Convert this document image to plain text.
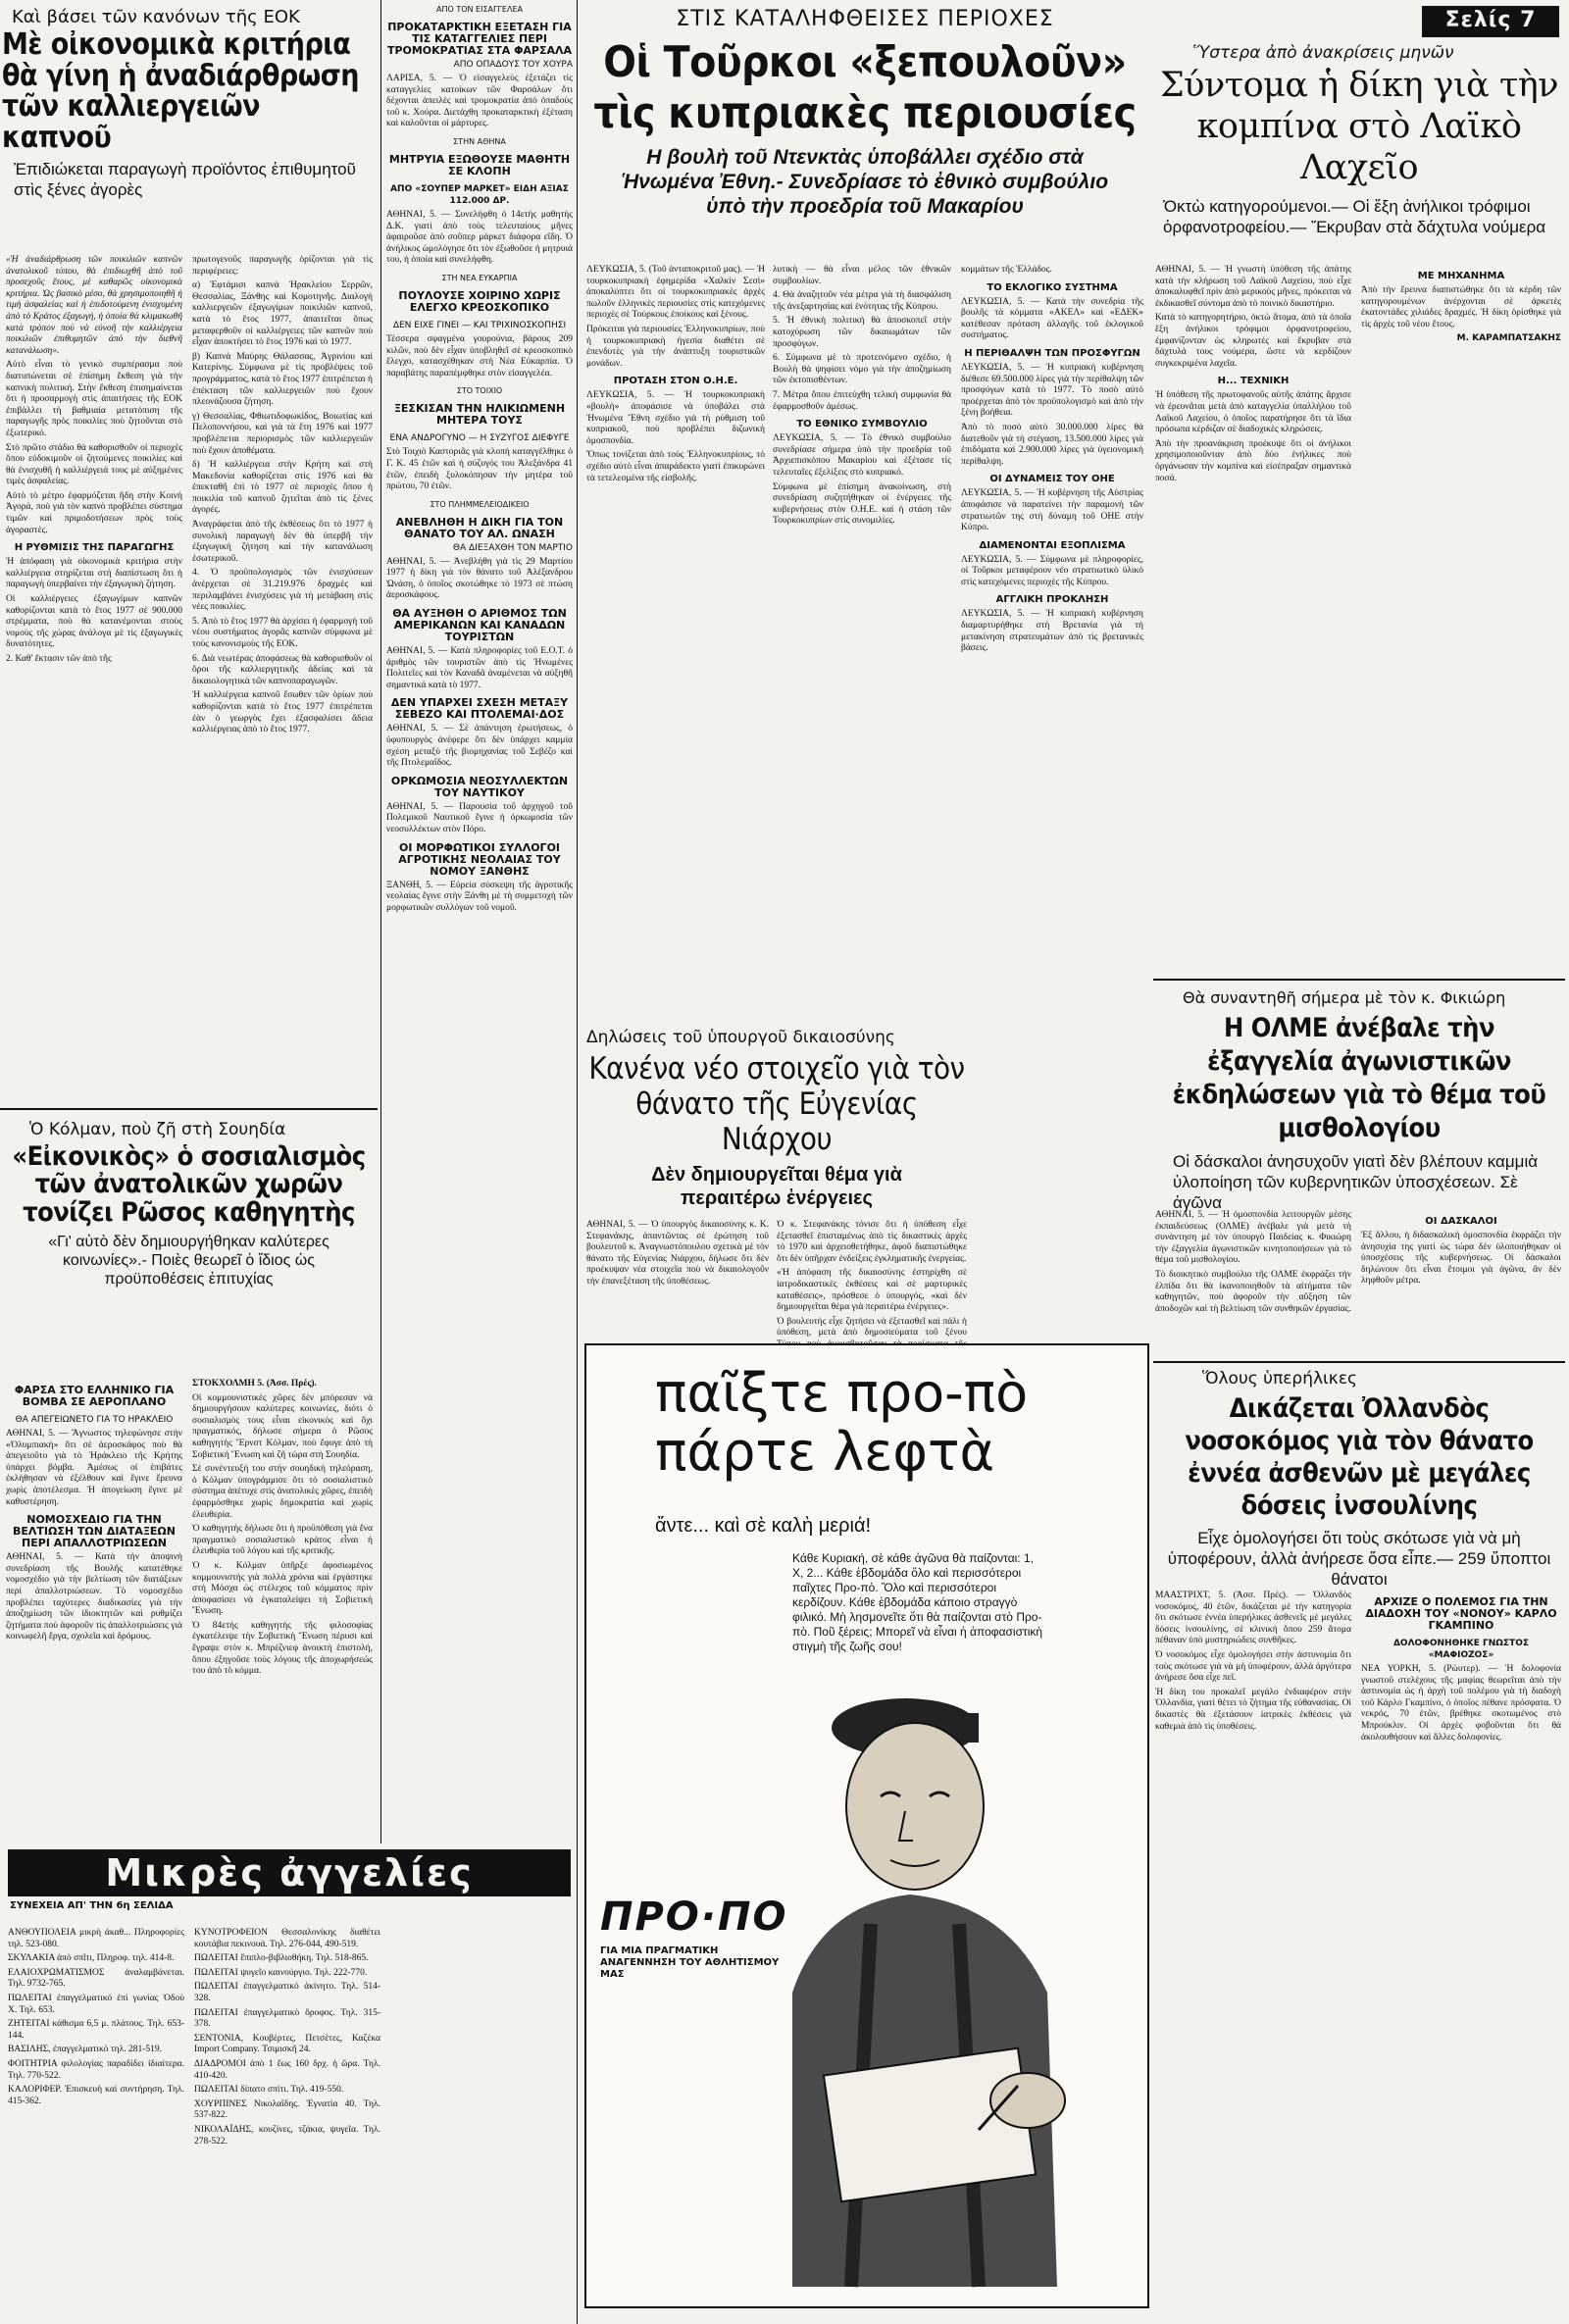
Καὶ βάσει τῶν κανόνων τῆς ΕΟΚ

Μὲ οἰκονομικὰ κριτήρια θὰ γίνη ἡ ἀναδιάρθρωση τῶν καλλιεργειῶν καπνοῦ

Ἐπιδιώκεται παραγωγὴ προϊόντος ἐπιθυμητοῦ στὶς ξένες ἀγορὲς

«Ἡ ἀναδιάρθρωση τῶν ποικιλιῶν καπνῶν ἀνατολικοῦ τύπου, θὰ ἐπιδιωχθῆ ἀπὸ τοῦ προσεχοῦς ἔτους, μὲ καθαρῶς οἰκονομικὰ κριτήρια. Ὡς βασικὸ μέσο, θὰ χρησιμοποιηθῆ ἡ τιμὴ ἀσφαλείας καὶ ἡ ἐπιδοτούμενη ἐνισχυμένη ἀπὸ τὸ Κράτος ἐξαγωγή, ἡ ὁποία θὰ κλιμακωθῆ κατὰ τρόπον ποὺ νὰ εὐνοῆ τὴν καλλιέργεια ποικιλιῶν ἐπιθυμητῶν ἀπὸ τὴν διεθνῆ κατανάλωση».

Αὐτὸ εἶναι τὸ γενικὸ συμπέρασμα ποὺ διατυπώνεται σὲ ἐπίσημη ἔκθεση γιὰ τὴν καπνικὴ πολιτική. Στὴν ἔκθεση ἐπισημαίνεται ὅτι ἡ προσαρμογὴ στὶς ἀπαιτήσεις τῆς ΕΟΚ ἐπιβάλλει τὴ βαθμιαία μετατόπιση τῆς παραγωγῆς πρὸς ποικιλίες ποὺ ζητοῦνται στὸ ἐξωτερικό.

Στὸ πρῶτο στάδιο θὰ καθορισθοῦν οἱ περιοχὲς ὅπου εὐδοκιμοῦν οἱ ζητούμενες ποικιλίες καὶ θὰ ἐνισχυθῆ ἡ καλλιέργειά τους μὲ αὐξημένες τιμὲς ἀσφαλείας.

Αὐτὸ τὸ μέτρο ἐφαρμόζεται ἤδη στὴν Κοινὴ Ἀγορά, ποὺ γιὰ τὸν καπνὸ προβλέπει σύστημα τιμῶν καὶ πριμοδοτήσεων πρὸς τοὺς ἀγοραστὲς.

Η ΡΥΘΜΙΣΙΣ ΤΗΣ ΠΑΡΑΓΩΓΗΣ

Ἡ ἀπόφαση γιὰ οἰκονομικὰ κριτήρια στὴν καλλιέργεια στηρίζεται στὴ διαπίστωση ὅτι ἡ παραγωγὴ ὑπερβαίνει τὴν ἐξαγωγικὴ ζήτηση.

Οἱ καλλιέργειες ἐξαγωγίμων καπνῶν καθορίζονται κατὰ τὸ ἔτος 1977 σὲ 900.000 στρέμματα, ποὺ θὰ κατανέμονται στοὺς νομοὺς τῆς χώρας ἀνάλογα μὲ τὶς ἐξαγωγικὲς δυνατότητες.

2. Καθ' ἔκτασιν τῶν ἀπὸ τῆς

πρωτογενοῦς παραγωγῆς ὁρίζονται γιὰ τὶς περιφέρειες:

α) Ἑφτάμισι καπνὰ Ἡρακλείου Σερρῶν, Θεσσαλίας, Ξάνθης καὶ Κομοτηνῆς. Διαλογὴ καλλιεργειῶν ἐξαγωγίμων ποικιλιῶν καπνοῦ, κατὰ τὸ ἔτος 1977, ἀπαιτεῖται ὅπως μεταφερθοῦν οἱ καλλιέργειες τῶν καπνῶν ποὺ εἶχαν ἀποκτήσει τὸ ἔτος 1976 καὶ τὸ 1977.

β) Καπνὰ Μαύρης Θάλασσας, Ἀγρινίου καὶ Κατερίνης. Σύμφωνα μὲ τὶς προβλέψεις τοῦ προγράμματος, κατὰ τὸ ἔτος 1977 ἐπιτρέπεται ἡ ἐπέκταση τῶν καλλιεργειῶν ποὺ ἔχουν πλεονάζουσα ζήτηση.

γ) Θεσσαλίας, Φθιωτιδοφωκίδος, Βοιωτίας καὶ Πελοποννήσου, καὶ γιὰ τὰ ἔτη 1976 καὶ 1977 προβλέπεται περιορισμὸς τῶν καλλιεργειῶν ποὺ ἔχουν ἀποθέματα.

δ) Ἡ καλλιέργεια στὴν Κρήτη καὶ στὴ Μακεδονία καθορίζεται στὶς 1976 καὶ θὰ ἐπεκταθῆ ἐπὶ τὸ 1977 σὲ περιοχὲς ὅπου ἡ ποικιλία τοῦ καπνοῦ ζητεῖται ἀπὸ τὶς ξένες ἀγορές.

Ἀναγράφεται ἀπὸ τῆς ἐκθέσεως ὅτι τὸ 1977 ἡ συνολικὴ παραγωγὴ δὲν θὰ ὑπερβῆ τὴν ἐξαγωγικὴ ζήτηση καὶ τὴν κατανάλωση ἐσωτερικοῦ.

4. Ὁ προϋπολογισμὸς τῶν ἐνισχύσεων ἀνέρχεται σὲ 31.219.976 δραχμὲς καὶ περιλαμβάνει ἐνισχύσεις γιὰ τὴ μετάβαση στὶς νέες ποικιλίες.

5. Ἀπὸ τὸ ἔτος 1977 θὰ ἀρχίσει ἡ ἐφαρμογὴ τοῦ νέου συστήματος ἀγορᾶς καπνῶν σύμφωνα μὲ τοὺς κανονισμοὺς τῆς ΕΟΚ.

6. Διὰ νεωτέρας ἀποφάσεως θὰ καθορισθοῦν οἱ ὅροι τῆς καλλιεργητικῆς ἀδείας καὶ τὰ δικαιολογητικὰ τῶν καπνοπαραγωγῶν.

Ἡ καλλιέργεια καπνοῦ ἔσωθεν τῶν ὁρίων ποὺ καθορίζονται κατὰ τὸ ἔτος 1977 ἐπιτρέπεται ἐὰν ὁ γεωργὸς ἔχει ἐξασφαλίσει ἄδεια καλλιέργειας ἀπὸ τὸ ἔτος 1977.

Ὁ Κόλμαν, ποὺ ζῆ στὴ Σουηδία

«Εἰκονικὸς» ὁ σοσιαλισμὸς τῶν ἀνατολικῶν χωρῶν τονίζει Ρῶσος καθηγητὴς

«Γι' αὐτὸ δὲν δημιουργήθηκαν καλύτερες κοινωνίες».- Ποιὲς θεωρεῖ ὁ ἴδιος ὡς προϋποθέσεις ἐπιτυχίας

ΦΑΡΣΑ ΣΤΟ ΕΛΛΗΝΙΚΟ ΓΙΑ ΒΟΜΒΑ ΣΕ ΑΕΡΟΠΛΑΝΟ

ΘΑ ΑΠΕΓΕΙΩΝΕΤΟ ΓΙΑ ΤΟ ΗΡΑΚΛΕΙΟ

ΑΘΗΝΑΙ, 5. — Ἄγνωστος τηλεφώνησε στὴν «Ὀλυμπιακὴ» ὅτι σὲ ἀεροσκάφος ποὺ θὰ ἀπεγειοῦτο γιὰ τὸ Ἡράκλειο τῆς Κρήτης ὑπάρχει βόμβα. Ἀμέσως οἱ ἐπιβάτες ἐκλήθησαν νὰ ἐξέλθουν καὶ ἔγινε ἔρευνα χωρὶς ἀποτέλεσμα. Ἡ ἀπογείωση ἔγινε μὲ καθυστέρηση.

ΝΟΜΟΣΧΕΔΙΟ ΓΙΑ ΤΗΝ ΒΕΛΤΙΩΣΗ ΤΩΝ ΔΙΑΤΑΞΕΩΝ ΠΕΡΙ ΑΠΑΛΛΟΤΡΙΩΣΕΩΝ

ΑΘΗΝΑΙ, 5. — Κατὰ τὴν ἀποψινὴ συνεδρίαση τῆς Βουλῆς κατατέθηκε νομοσχέδιο γιὰ τὴν βελτίωση τῶν διατάξεων περὶ ἀπαλλοτριώσεων. Τὸ νομοσχέδιο προβλέπει ταχύτερες διαδικασίες γιὰ τὴν ἀποζημίωση τῶν ἰδιοκτητῶν καὶ ρυθμίζει ζητήματα ποὺ ἀφοροῦν τὶς ἀπαλλοτριώσεις γιὰ κοινωφελῆ ἔργα, σχολεῖα καὶ δρόμους.

ΣΤΟΚΧΟΛΜΗ 5. (Ἀσσ. Πρές).

Οἱ κομμουνιστικὲς χῶρες δὲν μπόρεσαν νὰ δημιουργήσουν καλύτερες κοινωνίες, διότι ὁ σοσιαλισμὸς τους εἶναι εἰκονικὸς καὶ ὄχι πραγματικός, δήλωσε σήμερα ὁ Ρῶσος καθηγητὴς Ἔρνστ Κόλμαν, ποὺ ἔφυγε ἀπὸ τὴ Σοβιετικὴ Ἕνωση καὶ ζῆ τώρα στὴ Σουηδία.

Σὲ συνέντευξή του στὴν σουηδικὴ τηλεόραση, ὁ Κόλμαν ὑπογράμμισε ὅτι τὸ σοσιαλιστικὸ σύστημα ἀπέτυχε στὶς ἀνατολικὲς χῶρες, ἐπειδὴ ἐφαρμόσθηκε χωρὶς δημοκρατία καὶ χωρὶς ἐλευθερία.

Ὁ καθηγητὴς δήλωσε ὅτι ἡ προϋπόθεση γιὰ ἕνα πραγματικὸ σοσιαλιστικὸ κράτος εἶναι ἡ ἐλευθερία τοῦ λόγου καὶ τῆς κριτικῆς.

Ὁ κ. Κόλμαν ὑπῆρξε ἀφοσιωμένος κομμουνιστὴς γιὰ πολλὰ χρόνια καὶ ἐργάστηκε στὴ Μόσχα ὡς στέλεχος τοῦ κόμματος πρὶν ἀποφασίσει νὰ ἐγκαταλείψει τὴ Σοβιετικὴ Ἕνωση.

Ὁ 84ετὴς καθηγητὴς τῆς φιλοσοφίας ἐγκατέλειψε τὴν Σοβιετικὴ Ἕνωση πέρυσι καὶ ἔγραψε στὸν κ. Μπρέζνιεφ ἀνοικτὴ ἐπιστολή, ὅπου ἐξηγοῦσε τοὺς λόγους τῆς ἀποχωρήσεώς του ἀπὸ τὸ κόμμα.

Μικρὲς ἀγγελίες

ΣΥΝΕΧΕΙΑ ΑΠ' ΤΗΝ 6η ΣΕΛΙΔΑ

ΑΝΘΟΥΠΟΛΕΙΑ μικρὴ ἀκαθ... Πληροφορίες τηλ. 523-080.

ΣΚΥΛΑΚΙΑ ἀπὸ σπῖτι, Πληροφ. τηλ. 414-8.

ΕΛΑΙΟΧΡΩΜΑΤΙΣΜΟΣ ἀναλαμβάνεται. Τηλ. 9732-765.

ΠΩΛΕΙΤΑΙ ἐπαγγελματικό ἐπὶ γωνίας Ὁδοὺ Χ. Τηλ. 653.

ΖΗΤΕΙΤΑΙ κάθισμα 6,5 μ. πλάτους. Τηλ. 653-144.

ΒΑΣΙΛΗΣ, ἐπαγγελματικὸ τηλ. 281-519.

ΦΟΙΤΗΤΡΙΑ φιλολογίας παραδίδει ἰδιαίτερα. Τηλ. 770-522.

ΚΑΛΟΡΙΦΕΡ. Ἐπισκευὴ καὶ συντήρηση. Τηλ. 415-362.

ΚΥΝΟΤΡΟΦΕΙΟΝ Θεσσαλονίκης διαθέτει κουτάβια πεκινουά. Τηλ. 276-044, 490-519.

ΠΩΛΕΙΤΑΙ ἔπιπλο-βιβλιοθήκη. Τηλ. 518-865.

ΠΩΛΕΙΤΑΙ ψυγεῖο καινούργιο. Τηλ. 222-770.

ΠΩΛΕΙΤΑΙ ἐπαγγελματικὸ ἀκίνητο. Τηλ. 514-328.

ΠΩΛΕΙΤΑΙ ἐπαγγελματικὸ ὄροφος. Τηλ. 315-378.

ΣΕΝΤΟΝΙΑ, Κουβέρτες, Πετσέτες, Καζέκα Import Company. Τσιμισκῆ 24.

ΔΙΑΔΡΟΜΟΙ ἀπὸ 1 ἕως 160 δρχ. ἡ ὥρα. Τηλ. 410-420.

ΠΩΛΕΙΤΑΙ δίπατο σπίτι. Τηλ. 419-550.

ΧΟΥΡΠΙΝΕΣ Νικολαΐδης. Ἐγνατία 40. Τηλ. 537-822.

ΝΙΚΟΛΑΪΔΗΣ, κουζίνες, τζάκια, ψυγεῖα. Τηλ. 278-522.

ΑΠΟ ΤΟΝ ΕΙΣΑΓΓΕΛΕΑ

ΠΡΟΚΑΤΑΡΚΤΙΚΗ ΕΞΕΤΑΣΗ ΓΙΑ ΤΙΣ ΚΑΤΑΓΓΕΛΙΕΣ ΠΕΡΙ ΤΡΟΜΟΚΡΑΤΙΑΣ ΣΤΑ ΦΑΡΣΑΛΑ

ΑΠΟ ΟΠΑΔΟΥΣ ΤΟΥ ΧΟΥΡΑ

ΛΑΡΙΣΑ, 5. — Ὁ εἰσαγγελεὺς ἐξετάζει τὶς καταγγελίες κατοίκων τῶν Φαρσάλων ὅτι δέχονται ἀπειλὲς καὶ τρομοκρατία ἀπὸ ὀπαδοὺς τοῦ κ. Χούρα. Διετάχθη προκαταρκτικὴ ἐξέταση καὶ καλοῦνται οἱ μάρτυρες.

ΣΤΗΝ ΑΘΗΝΑ

ΜΗΤΡΥΙΑ ΕΞΩΘΟΥΣΕ ΜΑΘΗΤΗ ΣΕ ΚΛΟΠΗ

ΑΠΟ «ΣΟΥΠΕΡ ΜΑΡΚΕΤ» ΕΙΔΗ ΑΞΙΑΣ 112.000 ΔΡ.

ΑΘΗΝΑΙ, 5. — Συνελήφθη ὁ 14ετὴς μαθητὴς Δ.Κ. γιατὶ ἀπὸ τοὺς τελευταίους μῆνες ἀφαιροῦσε ἀπὸ σοῦπερ μάρκετ διάφορα εἴδη. Ὁ ἀνήλικος ὡμολόγησε ὅτι τὸν ἐξωθοῦσε ἡ μητρυιά του, ἡ ὁποία καὶ συνελήφθη.

ΣΤΗ ΝΕΑ ΕΥΚΑΡΠΙΑ

ΠΟΥΛΟΥΣΕ ΧΟΙΡΙΝΟ ΧΩΡΙΣ ΕΛΕΓΧΟ ΚΡΕΟΣΚΟΠΙΚΟ

ΔΕΝ ΕΙΧΕ ΓΙΝΕΙ — ΚΑΙ ΤΡΙΧΙΝΟΣΚΟΠΗΣΙ

Τέσσερα σφαγμένα γουρούνια, βάρους 209 κιλῶν, ποὺ δὲν εἶχαν ὑποβληθεῖ σὲ κρεοσκοπικὸ ἔλεγχο, κατασχέθηκαν στὴ Νέα Εὐκαρπία. Ὁ παραβάτης παραπέμφθηκε στὸν εἰσαγγελέα.

ΣΤΟ ΤΟΙΧΙΟ

ΞΕΣΚΙΣΑΝ ΤΗΝ ΗΛΙΚΙΩΜΕΝΗ ΜΗΤΕΡΑ ΤΟΥΣ

ΕΝΑ ΑΝΔΡΟΓΥΝΟ — Η ΣΥΖΥΓΟΣ ΔΙΕΦΥΓΕ

Στὸ Τοιχιὸ Καστοριᾶς γιὰ κλοπὴ καταγγέλθηκε ὁ Γ. Κ. 45 ἐτῶν καὶ ἡ σύζυγός του Ἀλεξάνδρα 41 ἐτῶν, ἐπειδὴ ξυλοκόπησαν τὴν μητέρα τοῦ πρώτου, 70 ἐτῶν.

ΣΤΟ ΠΛΗΜΜΕΛΕΙΟΔΙΚΕΙΟ

ΑΝΕΒΛΗΘΗ Η ΔΙΚΗ ΓΙΑ ΤΟΝ ΘΑΝΑΤΟ ΤΟΥ ΑΛ. ΩΝΑΣΗ

ΘΑ ΔΙΕΞΑΧΘΗ ΤΟΝ ΜΑΡΤΙΟ

ΑΘΗΝΑΙ, 5. — Ἀνεβλήθη γιὰ τὶς 29 Μαρτίου 1977 ἡ δίκη γιὰ τὸν θάνατο τοῦ Ἀλέξανδρου Ὠνάση, ὁ ὁποῖος σκοτώθηκε τὸ 1973 σὲ πτώση ἀεροσκάφους.

ΘΑ ΑΥΞΗΘΗ Ο ΑΡΙΘΜΟΣ ΤΩΝ ΑΜΕΡΙΚΑΝΩΝ ΚΑΙ ΚΑΝΑΔΩΝ ΤΟΥΡΙΣΤΩΝ

ΑΘΗΝΑΙ, 5. — Κατὰ πληροφορίες τοῦ Ε.Ο.Τ. ὁ ἀριθμὸς τῶν τουριστῶν ἀπὸ τὶς Ἡνωμένες Πολιτεῖες καὶ τὸν Καναδᾶ ἀναμένεται νὰ αὐξηθῆ σημαντικά κατὰ τὸ 1977.

ΔΕΝ ΥΠΑΡΧΕΙ ΣΧΕΣΗ ΜΕΤΑΞΥ ΣΕΒΕΖΟ ΚΑΙ ΠΤΟΛΕΜΑΙ·ΔΟΣ

ΑΘΗΝΑΙ, 5. — Σὲ ἀπάντηση ἐρωτήσεως, ὁ ὑφυπουργὸς ἀνέφερε ὅτι δὲν ὑπάρχει καμμία σχέση μεταξὺ τῆς βιομηχανίας τοῦ Σεβέζο καὶ τῆς Πτολεμαΐδος.

ΟΡΚΩΜΟΣΙΑ ΝΕΟΣΥΛΛΕΚΤΩΝ ΤΟΥ ΝΑΥΤΙΚΟΥ

ΑΘΗΝΑΙ, 5. — Παρουσία τοῦ ἀρχηγοῦ τοῦ Πολεμικοῦ Ναυτικοῦ ἔγινε ἡ ὁρκωμοσία τῶν νεοσυλλέκτων στὸν Πόρο.

ΟΙ ΜΟΡΦΩΤΙΚΟΙ ΣΥΛΛΟΓΟΙ ΑΓΡΟΤΙΚΗΣ ΝΕΟΛΑΙΑΣ ΤΟΥ ΝΟΜΟΥ ΞΑΝΘΗΣ

ΞΑΝΘΗ, 5. — Εὐρεία σύσκεψη τῆς ἀγροτικῆς νεολαίας ἔγινε στὴν Ξάνθη μὲ τὴ συμμετοχὴ τῶν μορφωτικῶν συλλόγων τοῦ νομοῦ.

ΣΤΙΣ ΚΑΤΑΛΗΦΘΕΙΣΕΣ ΠΕΡΙΟΧΕΣ

Οἱ Τοῦρκοι «ξεπουλοῦν» τὶς κυπριακὲς περιουσίες

Η βουλὴ τοῦ Ντενκτὰς ὑποβάλλει σχέδιο στὰ Ἡνωμένα Ἐθνη.- Συνεδρίασε τὸ ἐθνικὸ συμβούλιο ὑπὸ τὴν προεδρία τοῦ Μακαρίου

ΛΕΥΚΩΣΙΑ, 5. (Τοῦ ἀνταποκριτοῦ μας). — Ἡ τουρκοκυπριακὴ ἐφημερίδα «Χαλκὶν Σεσὶ» ἀποκαλύπτει ὅτι οἱ τουρκοκυπριακὲς ἀρχὲς πωλοῦν ἑλληνικὲς περιουσίες στὶς κατεχόμενες περιοχὲς σὲ Τούρκους ἐποίκους καὶ ξένους.

Πρόκειται γιὰ περιουσίες Ἑλληνοκυπρίων, ποὺ ἡ τουρκοκυπριακὴ ἡγεσία διαθέτει σὲ ἐπενδυτὲς γιὰ τὴν ἀνάπτυξη τουριστικῶν μονάδων.

ΠΡΟΤΑΣΗ ΣΤΟΝ Ο.Η.Ε.

ΛΕΥΚΩΣΙΑ, 5. — Ἡ τουρκοκυπριακὴ «βουλὴ» ἀποφάσισε νὰ ὑποβάλει στὰ Ἡνωμένα Ἔθνη σχέδιο γιὰ τὴ ρύθμιση τοῦ κυπριακοῦ, ποὺ προβλέπει διζωνικὴ ὁμοσπονδία.

Ὅπως τονίζεται ἀπὸ τοὺς Ἑλληνοκυπρίους, τὸ σχέδιο αὐτὸ εἶναι ἀπαράδεκτο γιατὶ ἐπικυρώνει τὰ τετελεσμένα τῆς εἰσβολῆς.

λυτικὴ — θὰ εἶναι μέλος τῶν ἐθνικῶν συμβουλίων.

4. Θὰ ἀναζητοῦν νέα μέτρα γιὰ τὴ διασφάλιση τῆς ἀνεξαρτησίας καὶ ἑνότητας τῆς Κύπρου.

5. Ἡ ἐθνικὴ πολιτικὴ θὰ ἀποσκοπεῖ στὴν κατοχύρωση τῶν δικαιωμάτων τῶν προσφύγων.

6. Σύμφωνα μὲ τὸ προτεινόμενο σχέδιο, ἡ Βουλὴ θὰ ψηφίσει νόμο γιὰ τὴν ἀποζημίωση τῶν ἐκτοπισθέντων.

7. Μέτρα ὅπου ἐπιτεύχθη τελικὴ συμφωνία θὰ ἐφαρμοσθοῦν ἀμέσως.

ΤΟ ΕΘΝΙΚΟ ΣΥΜΒΟΥΛΙΟ

ΛΕΥΚΩΣΙΑ, 5. — Τὸ ἐθνικὸ συμβούλιο συνεδρίασε σήμερα ὑπὸ τὴν προεδρία τοῦ Ἀρχιεπισκόπου Μακαρίου καὶ ἐξέτασε τὶς τελευταῖες ἐξελίξεις στὸ κυπριακό.

Σύμφωνα μὲ ἐπίσημη ἀνακοίνωση, στὴ συνεδρίαση συζητήθηκαν οἱ ἐνέργειες τῆς κυβερνήσεως στὸν Ο.Η.Ε. καὶ ἡ στάση τῶν Τουρκοκυπρίων στὶς συνομιλίες.

κομμάτων τῆς Ἑλλάδος.

ΤΟ ΕΚΛΟΓΙΚΟ ΣΥΣΤΗΜΑ

ΛΕΥΚΩΣΙΑ, 5. — Κατὰ τὴν συνεδρία τῆς βουλῆς τὰ κόμματα «ΑΚΕΛ» καὶ «ΕΔΕΚ» κατέθεσαν πρόταση ἀλλαγῆς τοῦ ἐκλογικοῦ συστήματος.

Η ΠΕΡΙΘΑΛΨΗ ΤΩΝ ΠΡΟΣΦΥΓΩΝ

ΛΕΥΚΩΣΙΑ, 5. — Ἡ κυπριακὴ κυβέρνηση διέθεσε 69.500.000 λίρες γιὰ τὴν περίθαλψη τῶν προσφύγων κατὰ τὸ 1977. Τὸ ποσὸ αὐτὸ προέρχεται ἀπὸ τὸν προϋπολογισμὸ καὶ ἀπὸ τὴν ξένη βοήθεια.

Ἀπὸ τὸ ποσὸ αὐτὸ 30.000.000 λίρες θὰ διατεθοῦν γιὰ τὴ στέγαση, 13.500.000 λίρες γιὰ ἐπιδόματα καὶ 2.900.000 λίρες γιὰ ὑγειονομικὴ περίθαλψη.

ΟΙ ΔΥΝΑΜΕΙΣ ΤΟΥ ΟΗΕ

ΛΕΥΚΩΣΙΑ, 5. — Ἡ κυβέρνηση τῆς Αὐστρίας ἀποφάσισε νὰ παρατείνει τὴν παραμονὴ τῶν στρατιωτῶν της στὴ δύναμη τοῦ ΟΗΕ στὴν Κύπρο.

ΔΙΑΜΕΝΟΝΤΑΙ ΕΞΟΠΛΙΣΜΑ

ΛΕΥΚΩΣΙΑ, 5. — Σύμφωνα μὲ πληροφορίες, οἱ Τοῦρκοι μεταφέρουν νέο στρατιωτικὸ ὑλικὸ στὶς κατεχόμενες περιοχὲς τῆς Κύπρου.

ΑΓΓΛΙΚΗ ΠΡΟΚΛΗΣΗ

ΛΕΥΚΩΣΙΑ, 5. — Ἡ κυπριακὴ κυβέρνηση διαμαρτυρήθηκε στὴ Βρετανία γιὰ τὴ μετακίνηση στρατευμάτων ἀπὸ τὶς βρετανικὲς βάσεις.

Δηλώσεις τοῦ ὑπουργοῦ δικαιοσύνης

Κανένα νέο στοιχεῖο γιὰ τὸν θάνατο τῆς Εὐγενίας Νιάρχου

Δὲν δημιουργεῖται θέμα γιὰ περαιτέρω ἐνέργειες

ΑΘΗΝΑΙ, 5. — Ὁ ὑπουργὸς δικαιοσύνης κ. Κ. Στεφανάκης, ἀπαντῶντας σὲ ἐρώτηση τοῦ βουλευτοῦ κ. Ἀναγνωστόπουλου σχετικὰ μὲ τὸν θάνατο τῆς Εὐγενίας Νιάρχου, δήλωσε ὅτι δὲν προέκυψαν νέα στοιχεῖα ποὺ νὰ δικαιολογοῦν τὴν ἐπανεξέταση τῆς ὑποθέσεως.

Ὁ κ. Στεφανάκης τόνισε ὅτι ἡ ὑπόθεση εἶχε ἐξετασθεῖ ἐπισταμένως ἀπὸ τὶς δικαστικὲς ἀρχὲς τὸ 1970 καὶ ἀρχειοθετήθηκε, ἀφοῦ διαπιστώθηκε ὅτι δὲν ὑπῆρχαν ἐνδείξεις ἐγκληματικῆς ἐνεργείας.

«Ἡ ἀπόφαση τῆς δικαιοσύνης ἐστηρίχθη σὲ ἰατροδικαστικὲς ἐκθέσεις καὶ σὲ μαρτυρικὲς καταθέσεις», πρόσθεσε ὁ ὑπουργός, «καὶ δὲν δημιουργεῖται θέμα γιὰ περαιτέρω ἐνέργειες».

Ὁ βουλευτὴς εἶχε ζητήσει νὰ ἐξετασθεῖ καὶ πάλι ἡ ὑπόθεση, μετὰ ἀπὸ δημοσιεύματα τοῦ ξένου

παῖξτε προ-πὸ

πάρτε λεφτὰ

ἄντε... καὶ σὲ καλὴ μεριά!

Κάθε Κυριακή, σὲ κάθε ἀγῶνα θὰ παίζονται: 1, Χ, 2... Κάθε ἑβδομάδα ὅλο καὶ περισσότεροι παῖχτες Προ-πὸ. Ὅλο καὶ περισσότεροι κερδίζουν. Κάθε ἑβδομάδα κάποιο στραγγὸ φιλικό. Μὴ λησμονεῖτε ὅτι θὰ παίζονται στὸ Προ-πὸ. Ποῦ ξέρεις; Μπορεῖ νὰ εἶναι ἡ ἀποφασιστικὴ στιγμὴ τῆς ζωῆς σου!

ΠΡΟ·ΠΟ
ΓΙΑ ΜΙΑ ΠΡΑΓΜΑΤΙΚΗ ΑΝΑΓΕΝΝΗΣΗ ΤΟΥ ΑΘΛΗΤΙΣΜΟΥ ΜΑΣ
Σελίς 7

Ὕστερα ἀπὸ ἀνακρίσεις μηνῶν

Σύντομα ἡ δίκη γιὰ τὴν κομπίνα στὸ Λαϊκὸ Λαχεῖο

Ὀκτὼ κατηγορούμενοι.— Οἱ ἕξη ἀνήλικοι τρόφιμοι ὀρφανοτροφείου.— Ἔκρυβαν στὰ δάχτυλα νούμερα

ΑΘΗΝΑΙ, 5. — Ἡ γνωστὴ ὑπόθεση τῆς ἀπάτης κατὰ τὴν κλήρωση τοῦ Λαϊκοῦ Λαχείου, ποὺ εἶχε ἀποκαλυφθεῖ πρὶν ἀπὸ μερικοὺς μῆνες, πρόκειται νὰ ἐκδικασθεῖ σύντομα ἀπὸ τὸ ποινικὸ δικαστήριο.

Κατὰ τὸ κατηγορητήριο, ὀκτὼ ἄτομα, ἀπὸ τὰ ὁποῖα ἕξη ἀνήλικοι τρόφιμοι ὀρφανοτροφείου, ἐμφανίζονταν ὡς κληρωτὲς καὶ ἔκρυβαν στὰ δάχτυλά τους νούμερα, ὥστε νὰ κερδίζουν συγκεκριμένα λαχεῖα.

Η... ΤΕΧΝΙΚΗ

Ἡ ὑπόθεση τῆς πρωτοφανοῦς αὐτῆς ἀπάτης ἄρχισε νὰ ἐρευνᾶται μετὰ ἀπὸ καταγγελία ὑπαλλήλου τοῦ Λαϊκοῦ Λαχείου, ὁ ὁποῖος παρατήρησε ὅτι τὰ ἴδια πρόσωπα κέρδιζαν σὲ διαδοχικὲς κληρώσεις.

Ἀπὸ τὴν προανάκριση προέκυψε ὅτι οἱ ἀνήλικοι χρησιμοποιοῦνταν ἀπὸ δύο ἐνήλικες ποὺ ὀργάνωσαν τὴν κομπίνα καὶ εἰσέπραξαν σημαντικὰ ποσά.

ΜΕ ΜΗΧΑΝΗΜΑ

Ἀπὸ τὴν ἔρευνα διαπιστώθηκε ὅτι τὰ κέρδη τῶν κατηγορουμένων ἀνέρχονται σὲ ἀρκετὲς ἑκατοντάδες χιλιάδες δραχμές. Ἡ δίκη ὁρίσθηκε γιὰ τὶς ἀρχὲς τοῦ νέου ἔτους.

Μ. ΚΑΡΑΜΠΑΤΣΑΚΗΣ

Θὰ συναντηθῆ σήμερα μὲ τὸν κ. Φικιώρη

Η ΟΛΜΕ ἀνέβαλε τὴν ἐξαγγελία ἀγωνιστικῶν ἐκδηλώσεων γιὰ τὸ θέμα τοῦ μισθολογίου

Οἱ δάσκαλοι ἀνησυχοῦν γιατὶ δὲν βλέπουν καμμιὰ ὑλοποίηση τῶν κυβερνητικῶν ὑποσχέσεων. Σὲ ἀγῶνα

ΑΘΗΝΑΙ, 5. — Ἡ ὁμοσπονδία λειτουργῶν μέσης ἐκπαιδεύσεως (ΟΛΜΕ) ἀνέβαλε γιὰ μετὰ τὴ συνάντηση μὲ τὸν ὑπουργὸ Παιδείας κ. Φικιώρη τὴν ἐξαγγελία ἀγωνιστικῶν κινητοποιήσεων γιὰ τὸ θέμα τοῦ μισθολογίου.

Τὸ διοικητικὸ συμβούλιο τῆς ΟΛΜΕ ἐκφράζει τὴν ἐλπίδα ὅτι θὰ ἱκανοποιηθοῦν τὰ αἰτήματα τῶν καθηγητῶν, ποὺ ἀφοροῦν τὴν αὔξηση τῶν ἀποδοχῶν καὶ τὴ βελτίωση τῶν συνθηκῶν ἐργασίας.

ΟΙ ΔΑΣΚΑΛΟΙ

Ἐξ ἄλλου, ἡ διδασκαλικὴ ὁμοσπονδία ἐκφράζει τὴν ἀνησυχία της γιατὶ ὡς τώρα δὲν ὑλοποιήθηκαν οἱ ὑποσχέσεις τῆς κυβερνήσεως. Οἱ δάσκαλοι δηλώνουν ὅτι εἶναι ἕτοιμοι γιὰ ἀγῶνα, ἂν δὲν ληφθοῦν μέτρα.

Ὅλους ὑπερήλικες

Δικάζεται Ὀλλανδὸς νοσοκόμος γιὰ τὸν θάνατο ἐννέα ἀσθενῶν μὲ μεγάλες δόσεις ἰνσουλίνης

Εἶχε ὁμολογήσει ὅτι τοὺς σκότωσε γιὰ νὰ μὴ ὑποφέρουν, ἀλλὰ ἀνήρεσε ὅσα εἶπε.— 259 ὕποπτοι θάνατοι

ΜΑΑΣΤΡΙΧΤ, 5. (Ἀσσ. Πρές). — Ὀλλανδὸς νοσοκόμος, 40 ἐτῶν, δικάζεται μὲ τὴν κατηγορία ὅτι σκότωσε ἐννέα ὑπερήλικες ἀσθενεῖς μὲ μεγάλες δόσεις ἰνσουλίνης, σὲ κλινικὴ ὅπου 259 ἄτομα πέθαναν ὑπὸ μυστηριώδεις συνθῆκες.

Ὁ νοσοκόμος εἶχε ὁμολογήσει στὴν ἀστυνομία ὅτι τοὺς σκότωσε γιὰ νὰ μὴ ὑποφέρουν, ἀλλὰ ἀργότερα ἀνήρεσε ὅσα εἶχε πεῖ.

Ἡ δίκη του προκαλεῖ μεγάλο ἐνδιαφέρον στὴν Ὀλλανδία, γιατὶ θέτει τὸ ζήτημα τῆς εὐθανασίας. Οἱ δικαστὲς θὰ ἐξετάσουν ἰατρικὲς ἐκθέσεις γιὰ καθεμιὰ ἀπὸ τὶς ὑποθέσεις.

ΑΡΧΙΖΕ Ο ΠΟΛΕΜΟΣ ΓΙΑ ΤΗΝ ΔΙΑΔΟΧΗ ΤΟΥ «ΝΟΝΟΥ» ΚΑΡΛΟ ΓΚΑΜΠΙΝΟ

ΔΟΛΟΦΟΝΗΘΗΚΕ ΓΝΩΣΤΟΣ «ΜΑΦΙΟΖΟΣ»

ΝΕΑ ΥΟΡΚΗ, 5. (Ρώυτερ). — Ἡ δολοφονία γνωστοῦ στελέχους τῆς μαφίας θεωρεῖται ἀπὸ τὴν ἀστυνομία ὡς ἡ ἀρχὴ τοῦ πολέμου γιὰ τὴ διαδοχὴ τοῦ Κάρλο Γκαμπίνο, ὁ ὁποῖος πέθανε πρόσφατα. Ὁ νεκρός, 70 ἐτῶν, βρέθηκε σκοτωμένος στὸ Μπρούκλιν. Οἱ ἀρχὲς φοβοῦνται ὅτι θὰ ἀκολουθήσουν καὶ ἄλλες δολοφονίες.
